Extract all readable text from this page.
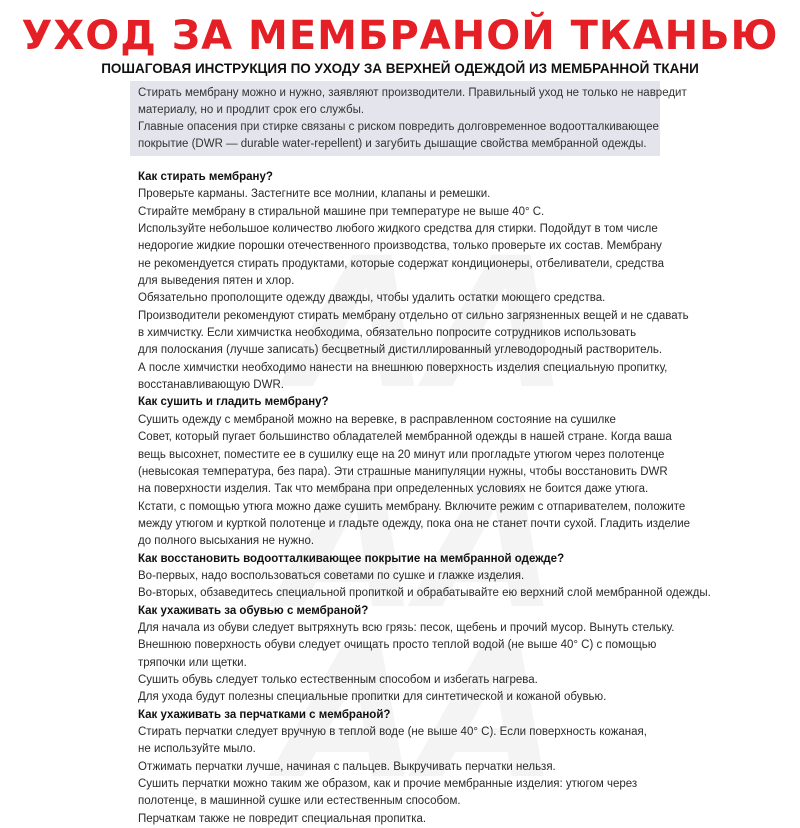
УХОД ЗА МЕМБРАНОЙ ТКАНЬЮ
ПОШАГОВАЯ ИНСТРУКЦИЯ ПО УХОДУ ЗА ВЕРХНЕЙ ОДЕЖДОЙ ИЗ МЕМБРАННОЙ ТКАНИ

Стирать мембрану можно и нужно, заявляют производители. Правильный уход не только не навредит

материалу, но и продлит срок его службы.

Главные опасения при стирке связаны с риском повредить долговременное водоотталкивающее

покрытие (DWR — durable water-repellent) и загубить дышащие свойства мембранной одежды.

Как стирать мембрану?

Проверьте карманы. Застегните все молнии, клапаны и ремешки.

Стирайте мембрану в стиральной машине при температуре не выше 40° С.

Используйте небольшое количество любого жидкого средства для стирки. Подойдут в том числе

недорогие жидкие порошки отечественного производства, только проверьте их состав. Мембрану

не рекомендуется стирать продуктами, которые содержат кондиционеры, отбеливатели, средства

для выведения пятен и хлор.

Обязательно прополощите одежду дважды, чтобы удалить остатки моющего средства.

Производители рекомендуют стирать мембрану отдельно от сильно загрязненных вещей и не сдавать

в химчистку. Если химчистка необходима, обязательно попросите сотрудников использовать

для полоскания (лучше записать) бесцветный дистиллированный углеводородный растворитель.

А после химчистки необходимо нанести на внешнюю поверхность изделия специальную пропитку,

восстанавливающую DWR.

Как сушить и гладить мембрану?

Сушить одежду с мембраной можно на веревке, в расправленном состояние на сушилке

Совет, который пугает большинство обладателей мембранной одежды в нашей стране. Когда ваша

вещь высохнет, поместите ее в сушилку еще на 20 минут или прогладьте утюгом через полотенце

(невысокая температура, без пара). Эти страшные манипуляции нужны, чтобы восстановить DWR

на поверхности изделия. Так что мембрана при определенных условиях не боится даже утюга.

Кстати, с помощью утюга можно даже сушить мембрану. Включите режим с отпаривателем, положите

между утюгом и курткой полотенце и гладьте одежду, пока она не станет почти сухой. Гладить изделие

до полного высыхания не нужно.

Как восстановить водоотталкивающее покрытие на мембранной одежде?

Во-первых, надо воспользоваться советами по сушке и глажке изделия.

Во-вторых, обзаведитесь специальной пропиткой и обрабатывайте ею верхний слой мембранной одежды.

Как ухаживать за обувью с мембраной?

Для начала из обуви следует вытряхнуть всю грязь: песок, щебень и прочий мусор. Вынуть стельку.

Внешнюю поверхность обуви следует очищать просто теплой водой (не выше 40° С) с помощью

тряпочки или щетки.

Сушить обувь следует только естественным способом и избегать нагрева.

Для ухода будут полезны специальные пропитки для синтетической и кожаной обувью.

Как ухаживать за перчатками с мембраной?

Стирать перчатки следует вручную в теплой воде (не выше 40° С). Если поверхность кожаная,

не используйте мыло.

Отжимать перчатки лучше, начиная с пальцев. Выкручивать перчатки нельзя.

Сушить перчатки можно таким же образом, как и прочие мембранные изделия: утюгом через

полотенце, в машинной сушке или естественным способом.

Перчаткам также не повредит специальная пропитка.
